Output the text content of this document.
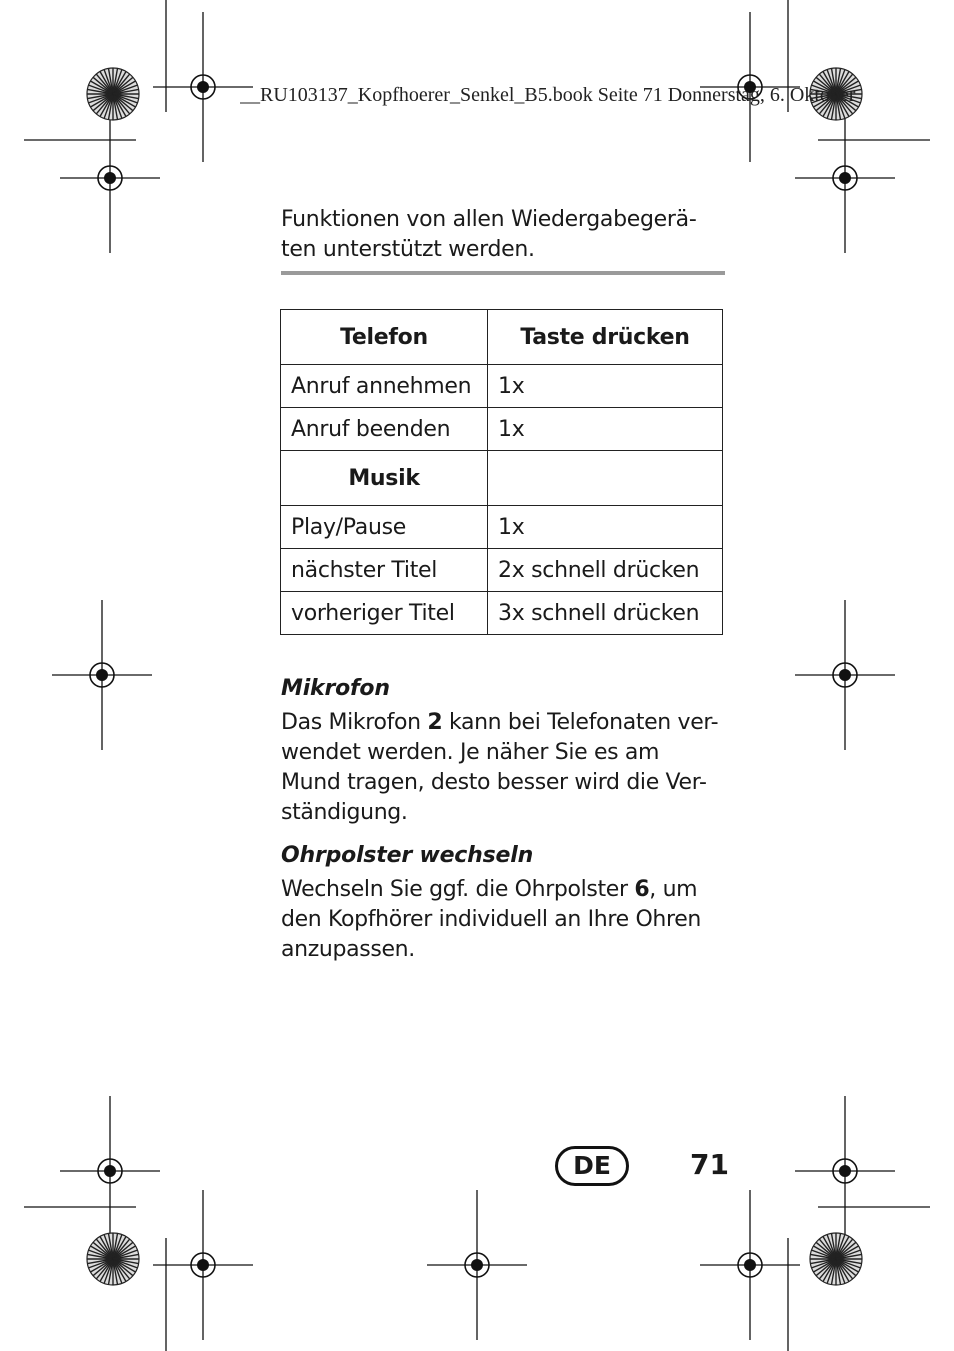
__RU103137_Kopfhoerer_Senkel_B5.book Seite 71 Donnerstag, 6. Oktober
Funktionen von allen Wiedergabegerä-
ten unterstützt werden.
Telefon	Taste drücken
Anruf annehmen	1x
Anruf beenden	1x
Musik	
Play/Pause	1x
nächster Titel	2x schnell drücken
vorheriger Titel	3x schnell drücken
Mikrofon
Das Mikrofon 2 kann bei Telefonaten ver-
wendet werden. Je näher Sie es am
Mund tragen, desto besser wird die Ver-
ständigung.
Ohrpolster wechseln
Wechseln Sie ggf. die Ohrpolster 6, um
den Kopfhörer individuell an Ihre Ohren
anzupassen.
DE	71
